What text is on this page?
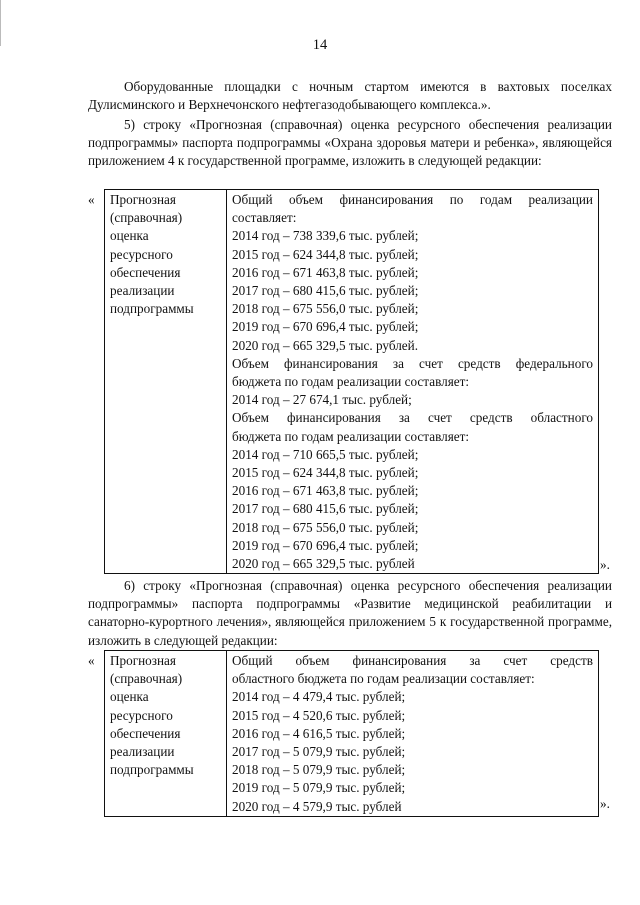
14
Оборудованные площадки с ночным стартом имеются в вахтовых поселках
Дулисминского и Верхнечонского нефтегазодобывающего комплекса.».

5) строку «Прогнозная (справочная) оценка ресурсного обеспечения реализации подпрограммы» паспорта подпрограммы «Охрана здоровья матери и ребенка», являющейся приложением 4 к государственной программе, изложить в следующей редакции:

« Прогнозная
(справочная)
оценка
ресурсного
обеспечения
реализации
подпрограммы

Общий объем финансирования по годам реализации
составляет:
2014 год – 738 339,6 тыс. рублей;
2015 год – 624 344,8 тыс. рублей;
2016 год – 671 463,8 тыс. рублей;
2017 год – 680 415,6 тыс. рублей;
2018 год – 675 556,0 тыс. рублей;
2019 год – 670 696,4 тыс. рублей;
2020 год – 665 329,5 тыс. рублей.
Объем финансирования за счет средств федерального
бюджета по годам реализации составляет:
2014 год – 27 674,1 тыс. рублей;
Объем финансирования за счет средств областного
бюджета по годам реализации составляет:
2014 год – 710 665,5 тыс. рублей;
2015 год – 624 344,8 тыс. рублей;
2016 год – 671 463,8 тыс. рублей;
2017 год – 680 415,6 тыс. рублей;
2018 год – 675 556,0 тыс. рублей;
2019 год – 670 696,4 тыс. рублей;
2020 год – 665 329,5 тыс. рублей	».

6) строку «Прогнозная (справочная) оценка ресурсного обеспечения реализации подпрограммы» паспорта подпрограммы «Развитие медицинской реабилитации и санаторно-курортного лечения», являющейся приложением 5 к государственной программе, изложить в следующей редакции:

« Прогнозная
(справочная)
оценка
ресурсного
обеспечения
реализации
подпрограммы

Общий объем финансирования за счет средств
областного бюджета по годам реализации составляет:
2014 год – 4 479,4 тыс. рублей;
2015 год – 4 520,6 тыс. рублей;
2016 год – 4 616,5 тыс. рублей;
2017 год – 5 079,9 тыс. рублей;
2018 год – 5 079,9 тыс. рублей;
2019 год – 5 079,9 тыс. рублей;
2020 год – 4 579,9 тыс. рублей	».
